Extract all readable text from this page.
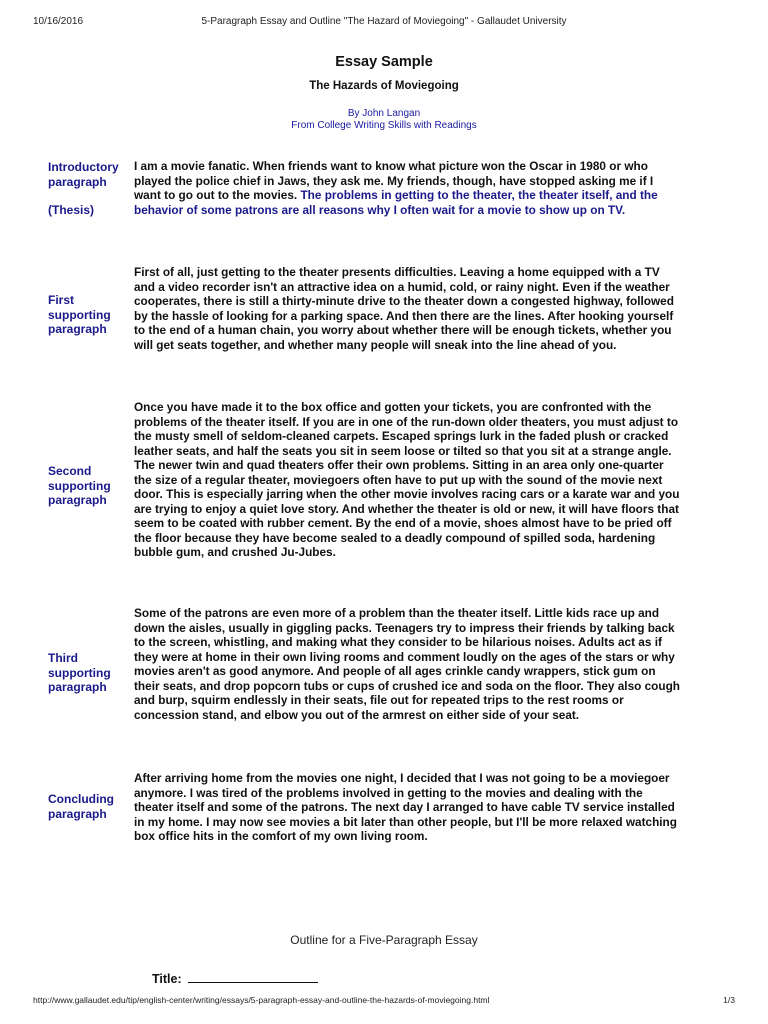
10/16/2016	5-Paragraph Essay and Outline "The Hazard of Moviegoing" - Gallaudet University
Essay Sample
The Hazards of Moviegoing
By John Langan
From College Writing Skills with Readings
Introductory paragraph
(Thesis)
I am a movie fanatic. When friends want to know what picture won the Oscar in 1980 or who played the police chief in Jaws, they ask me. My friends, though, have stopped asking me if I want to go out to the movies. The problems in getting to the theater, the theater itself, and the behavior of some patrons are all reasons why I often wait for a movie to show up on TV.
First supporting paragraph
First of all, just getting to the theater presents difficulties. Leaving a home equipped with a TV and a video recorder isn't an attractive idea on a humid, cold, or rainy night. Even if the weather cooperates, there is still a thirty-minute drive to the theater down a congested highway, followed by the hassle of looking for a parking space. And then there are the lines. After hooking yourself to the end of a human chain, you worry about whether there will be enough tickets, whether you will get seats together, and whether many people will sneak into the line ahead of you.
Second supporting paragraph
Once you have made it to the box office and gotten your tickets, you are confronted with the problems of the theater itself. If you are in one of the run-down older theaters, you must adjust to the musty smell of seldom-cleaned carpets. Escaped springs lurk in the faded plush or cracked leather seats, and half the seats you sit in seem loose or tilted so that you sit at a strange angle. The newer twin and quad theaters offer their own problems. Sitting in an area only one-quarter the size of a regular theater, moviegoers often have to put up with the sound of the movie next door. This is especially jarring when the other movie involves racing cars or a karate war and you are trying to enjoy a quiet love story. And whether the theater is old or new, it will have floors that seem to be coated with rubber cement. By the end of a movie, shoes almost have to be pried off the floor because they have become sealed to a deadly compound of spilled soda, hardening bubble gum, and crushed Ju-Jubes.
Third supporting paragraph
Some of the patrons are even more of a problem than the theater itself. Little kids race up and down the aisles, usually in giggling packs. Teenagers try to impress their friends by talking back to the screen, whistling, and making what they consider to be hilarious noises. Adults act as if they were at home in their own living rooms and comment loudly on the ages of the stars or why movies aren't as good anymore. And people of all ages crinkle candy wrappers, stick gum on their seats, and drop popcorn tubs or cups of crushed ice and soda on the floor. They also cough and burp, squirm endlessly in their seats, file out for repeated trips to the rest rooms or concession stand, and elbow you out of the armrest on either side of your seat.
Concluding paragraph
After arriving home from the movies one night, I decided that I was not going to be a moviegoer anymore. I was tired of the problems involved in getting to the movies and dealing with the theater itself and some of the patrons. The next day I arranged to have cable TV service installed in my home. I may now see movies a bit later than other people, but I'll be more relaxed watching box office hits in the comfort of my own living room.
Outline for a Five-Paragraph Essay
Title:
http://www.gallaudet.edu/tip/english-center/writing/essays/5-paragraph-essay-and-outline-the-hazards-of-moviegoing.html	1/3
